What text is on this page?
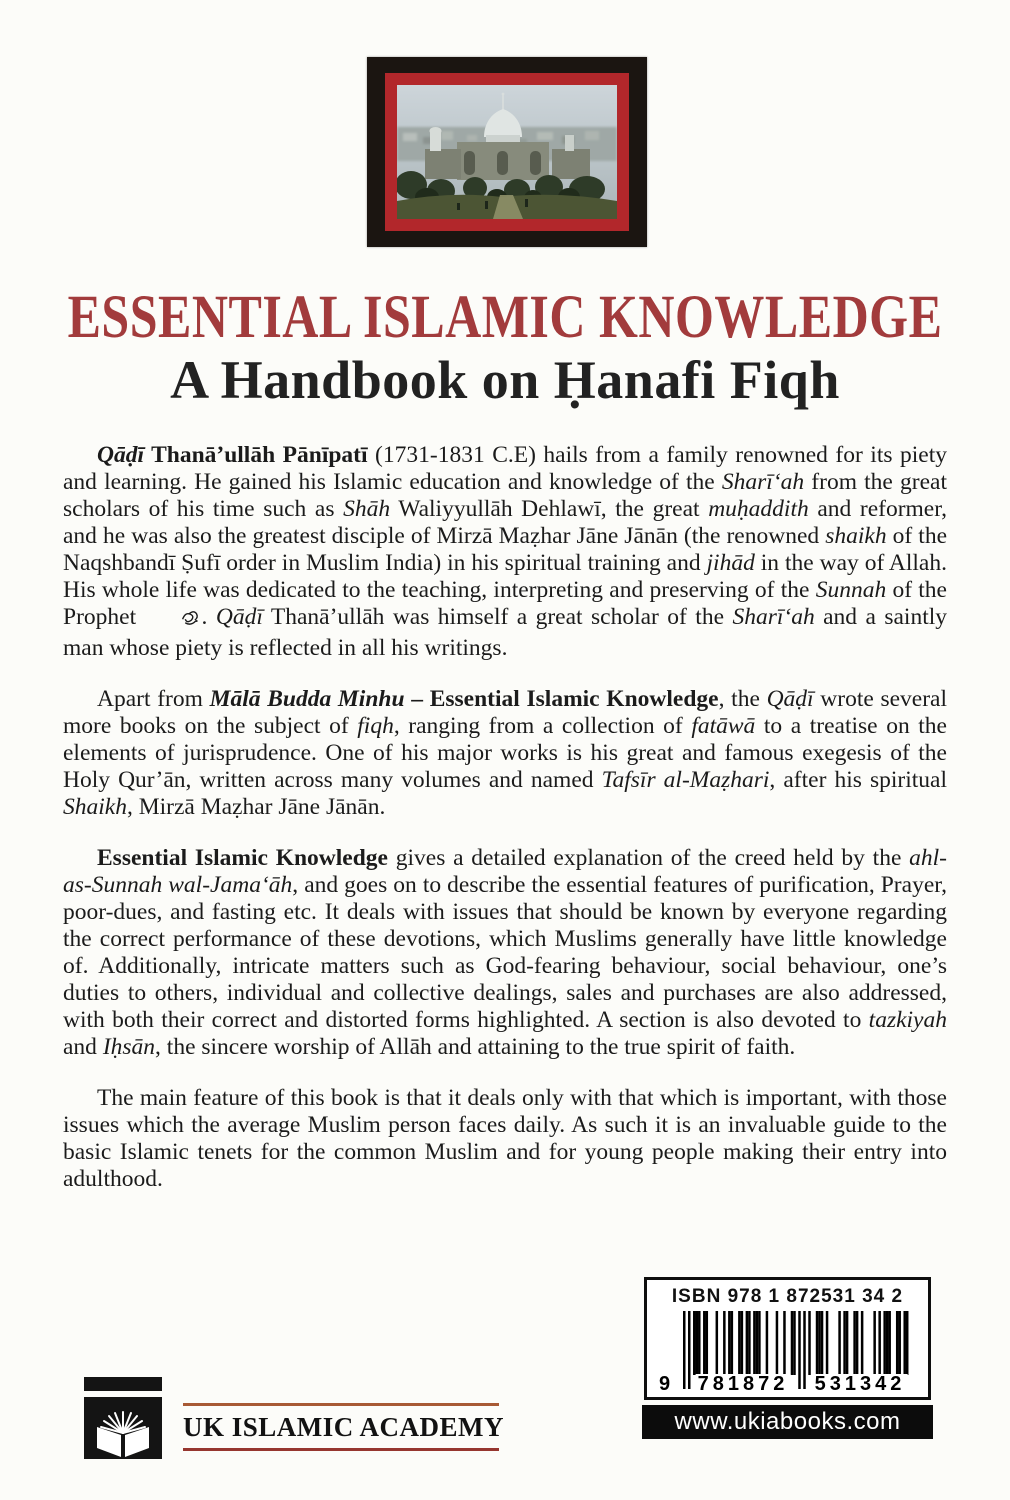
ESSENTIAL ISLAMIC KNOWLEDGE
A Handbook on Ḥanafi Fiqh

Qāḍī Thanā’ullāh Pānīpatī (1731-1831 C.E) hails from a family renowned for its piety and learning. He gained his Islamic education and knowledge of the Sharī‘ah from the great scholars of his time such as Shāh Waliyyullāh Dehlawī, the great muḥaddith and reformer, and he was also the greatest disciple of Mirzā Maẓhar Jāne Jānān (the renowned shaikh of the Naqshbandī Ṣufī order in Muslim India) in his spiritual training and jihād in the way of Allah. His whole life was dedicated to the teaching, interpreting and preserving of the Sunnah of the Prophet . Qāḍī Thanā’ullāh was himself a great scholar of the Sharī‘ah and a saintly man whose piety is reflected in all his writings.

Apart from Mālā Budda Minhu – Essential Islamic Knowledge, the Qāḍī wrote several more books on the subject of fiqh, ranging from a collection of fatāwā to a treatise on the elements of jurisprudence. One of his major works is his great and famous exegesis of the Holy Qur’ān, written across many volumes and named Tafsīr al-Maẓhari, after his spiritual Shaikh, Mirzā Maẓhar Jāne Jānān.

Essential Islamic Knowledge gives a detailed explanation of the creed held by the ahl-as-Sunnah wal-Jama‘āh, and goes on to describe the essential features of purification, Prayer, poor-dues, and fasting etc. It deals with issues that should be known by everyone regarding the correct performance of these devotions, which Muslims generally have little knowledge of. Additionally, intricate matters such as God-fearing behaviour, social behaviour, one’s duties to others, individual and collective dealings, sales and purchases are also addressed, with both their correct and distorted forms highlighted. A section is also devoted to tazkiyah and Iḥsān, the sincere worship of Allāh and attaining to the true spirit of faith.

The main feature of this book is that it deals only with that which is important, with those issues which the average Muslim person faces daily. As such it is an invaluable guide to the basic Islamic tenets for the common Muslim and for young people making their entry into adulthood.

UK ISLAMIC ACADEMY
ISBN 978 1 872531 34 2
9 781872 531342
www.ukiabooks.com
